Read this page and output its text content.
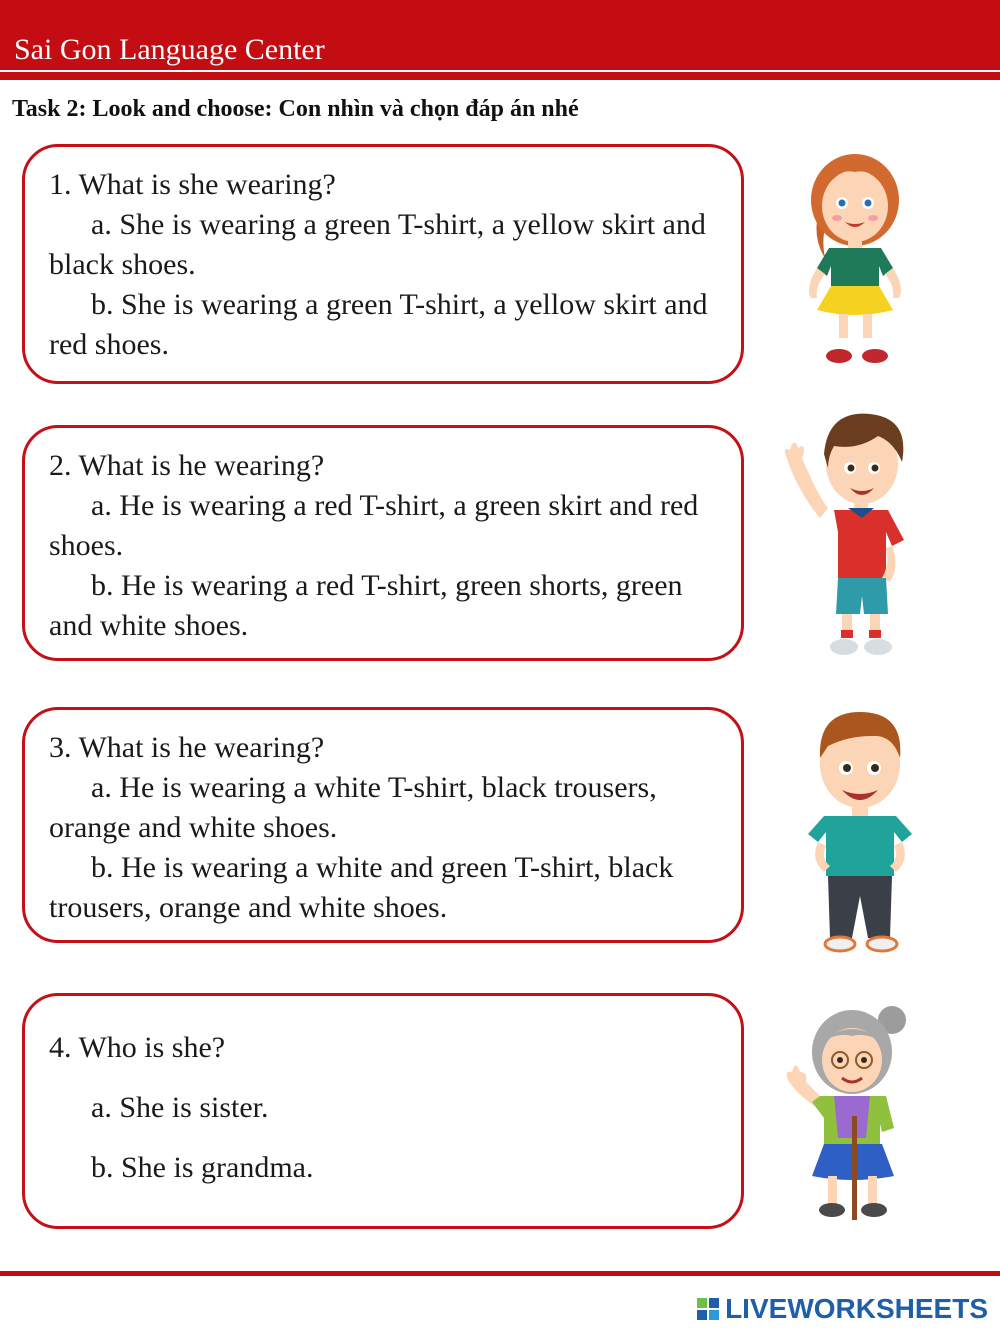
Sai Gon Language Center
Task 2: Look and choose: Con nhìn và chọn đáp án nhé

1. What is she wearing?

a. She is wearing a green T-shirt, a yellow skirt and black shoes.

b. She is wearing a green T-shirt, a yellow skirt and red shoes.

2. What is he wearing?

a. He is wearing a red T-shirt, a green skirt and red shoes.

b. He is wearing a red T-shirt, green shorts, green and white shoes.

3. What is he wearing?

a. He is wearing a white T-shirt, black trousers, orange and white shoes.

b. He is wearing a white and green T-shirt, black trousers, orange and white shoes.

4. Who is she?

a. She is sister.

b. She is grandma.

LIVEWORKSHEETS
